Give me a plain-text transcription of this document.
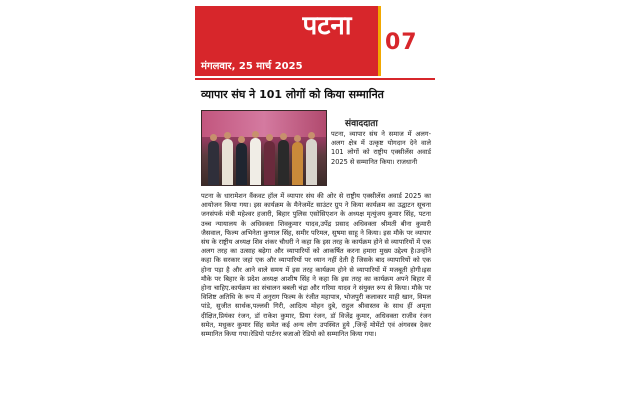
पटना
मंगलवार, 25 मार्च 2025
07
व्यापार संघ ने 101 लोगों को किया सम्मानित
संवाददाता
पटना, व्यापार संघ ने समाज में अलग-अलग क्षेत्र में उत्कृष्ट योगदान देने वाले 101 लोगों को राष्ट्रीय एक्सीलेंस अवार्ड 2025 से सम्मानित किया। राजधानी
पटना के धारामेशन वैंकवट हॉल में व्यापार संघ की ओर से राष्ट्रीय एक्सीलेंस अवार्ड 2025 का आयोजन किया गया। इस कार्यक्रम के मैनेजमेंट साउंटर ग्रुप ने किया कार्यक्रम का उद्घाटन सूचना जनसंपर्क मंत्री महेश्वर हजारी, बिहार पुलिस एसोसिएशन के अध्यक्ष मृत्युंजय कुमार सिंह, पटना उच्च न्यायालय के अधिवक्ता शिवकुमार यादव,उपेंद्र प्रसाद अधिवक्ता श्रीमती बीना कुमारी जैसवाल, फिल्म अभिनेता कुणाल सिंह, समीर परिमल, सुषमा साहू ने किया। इस मौके पर व्यापार संघ के राष्ट्रीय अध्यक्ष शिव शंकर चौधरी ने कहा कि इस तरह के कार्यक्रम होने से व्यापारियों में एक अलग तरह का उत्साह बढ़ेगा और व्यापारियों को आकर्षित करना हमारा मुख्य उद्देश्य है।उन्होंने कहा कि सरकार जहां एक और व्यापारियों पर ध्यान नहीं देती है जिसके बाद व्यापारियों को एक होना पड़ा है और आने वाले समय में इस तरह कार्यक्रम होने से व्यापारियों में मजबूती होगी।इस मौके पर बिहार के प्रदेश अध्यक्ष आशीष सिंह ने कहा कि इस तरह का कार्यक्रम अपने बिहार में होना चाहिए.कार्यक्रम का संचालन बबली चंद्रा और गरिमा यादव ने संयुक्त रूप से किया। मौके पर विशिष्ट अतिथि के रूप में अनुराग फिल्म के रंजीत महापात्र, भोजपुरी कलाकार माही खान, विमल पांडे, सुजीत सार्थक,पल्लवी गिरी, आदित्य मोहन दुबे, राहुल श्रीवास्तव के साथ हीं अमृता दीक्षित,प्रियंका रंजन, डॉ राकेश कुमार, प्रिया रंजन, डॉ विजेंद्र कुमार, अधिवक्ता राजीव रंजन समेत, मधुकर कुमार सिंह समेत कई अन्य लोग उपस्थित हुये ,जिन्हें मोमेंटो एवं अंगवस्त्र देकर सम्मानित किया गया।रेडियो पार्टनर बजाओ रेडियो को सम्मानित किया गया।
